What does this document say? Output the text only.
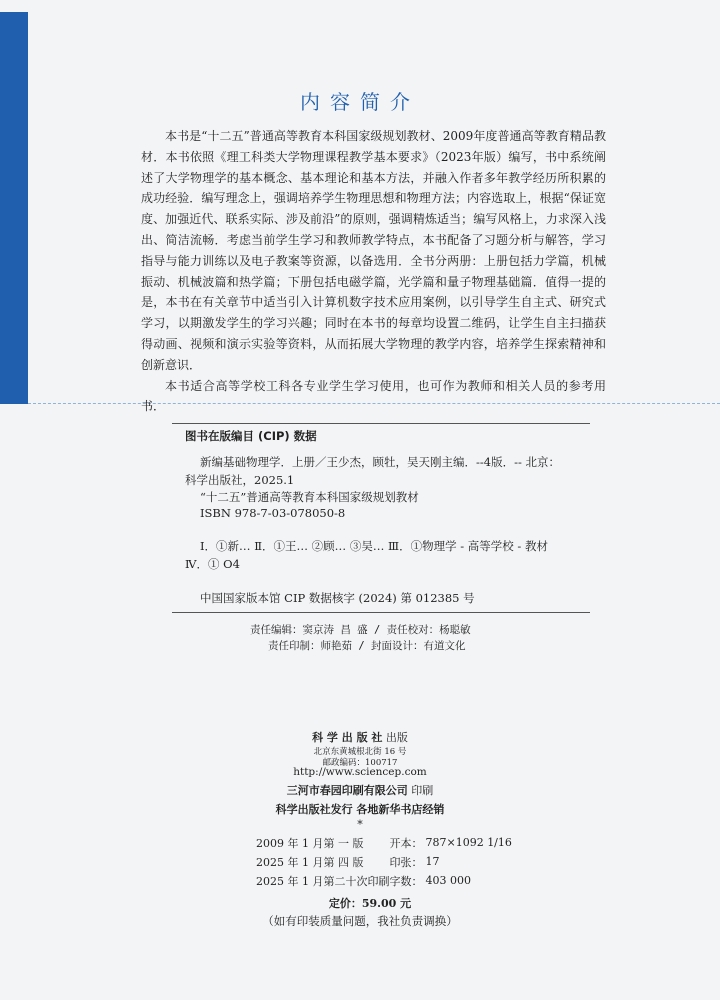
内容简介

本书是“十二五”普通高等教育本科国家级规划教材、2009年度普通高等教育精品教材．本书依照《理工科类大学物理课程教学基本要求》（2023年版）编写，书中系统阐述了大学物理学的基本概念、基本理论和基本方法，并融入作者多年教学经历所积累的成功经验．编写理念上，强调培养学生物理思想和物理方法；内容选取上，根据“保证宽度、加强近代、联系实际、涉及前沿”的原则，强调精炼适当；编写风格上，力求深入浅出、简洁流畅．考虑当前学生学习和教师教学特点，本书配备了习题分析与解答，学习指导与能力训练以及电子教案等资源，以备选用．全书分两册：上册包括力学篇，机械振动、机械波篇和热学篇；下册包括电磁学篇，光学篇和量子物理基础篇．值得一提的是，本书在有关章节中适当引入计算机数字技术应用案例，以引导学生自主式、研究式学习，以期激发学生的学习兴趣；同时在本书的每章均设置二维码，让学生自主扫描获得动画、视频和演示实验等资料，从而拓展大学物理的教学内容，培养学生探索精神和创新意识．

本书适合高等学校工科各专业学生学习使用，也可作为教师和相关人员的参考用书．

图书在版编目 (CIP) 数据
新编基础物理学．上册／王少杰，顾牡，吴天刚主编．--4版．-- 北京：
科学出版社，2025.1
“十二五”普通高等教育本科国家级规划教材
ISBN 978-7-03-078050-8
Ⅰ．①新… Ⅱ．①王… ②顾… ③吴… Ⅲ．①物理学 - 高等学校 - 教材
Ⅳ．① O4
中国国家版本馆 CIP 数据核字 (2024) 第 012385 号
责任编辑：窦京涛 昌 盛 / 责任校对：杨聪敏
责任印制：师艳茹 / 封面设计：有道文化
科 学 出 版 社 出版
北京东黄城根北街 16 号
邮政编码：100717
http://www.sciencep.com
三河市春园印刷有限公司 印刷
科学出版社发行 各地新华书店经销
*
2009 年 1 月第 一 版	开本：	787×1092 1/16
2025 年 1 月第 四 版	印张：	17
2025 年 1 月第二十次印刷	字数：	403 000
定价：59.00 元
（如有印装质量问题，我社负责调换）
